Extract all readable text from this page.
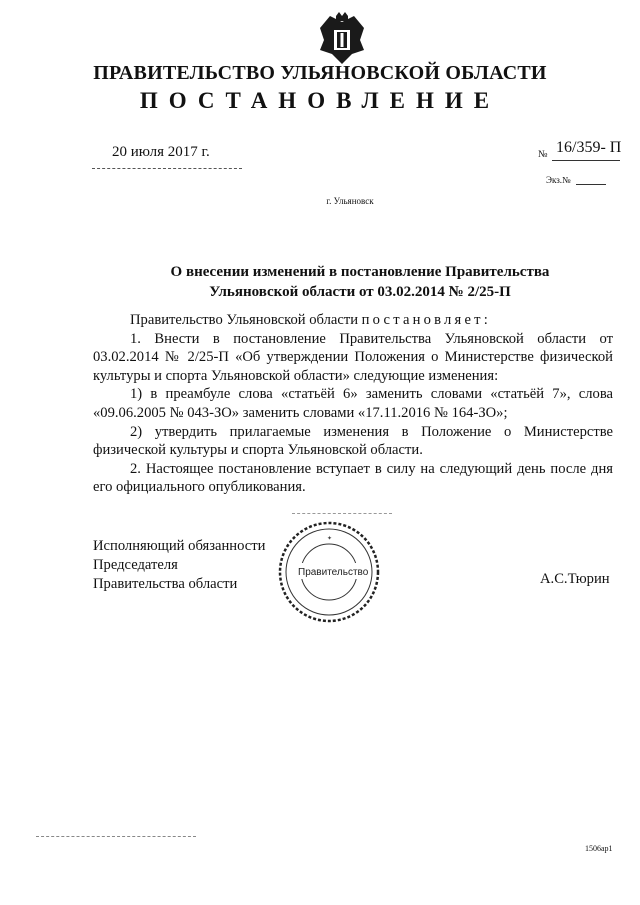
ПРАВИТЕЛЬСТВО УЛЬЯНОВСКОЙ ОБЛАСТИ
ПОСТАНОВЛЕНИЕ
20 июля 2017 г.	№ 16/359- П
Экз.№
г. Ульяновск
О внесении изменений в постановление Правительства
Ульяновской области от 03.02.2014 № 2/25-П

Правительство Ульяновской области постановляет:

1. Внести в постановление Правительства Ульяновской области от 03.02.2014 № 2/25-П «Об утверждении Положения о Министерстве физической культуры и спорта Ульяновской области» следующие изменения:

1) в преамбуле слова «статьёй 6» заменить словами «статьёй 7», слова «09.06.2005 № 043-ЗО» заменить словами «17.11.2016 № 164-ЗО»;

2) утвердить прилагаемые изменения в Положение о Министерстве физической культуры и спорта Ульяновской области.

2. Настоящее постановление вступает в силу на следующий день после дня его официального опубликования.

Исполняющий обязанности
Председателя
Правительства области
Правительство
✦
А.С.Тюрин
1506ар1
